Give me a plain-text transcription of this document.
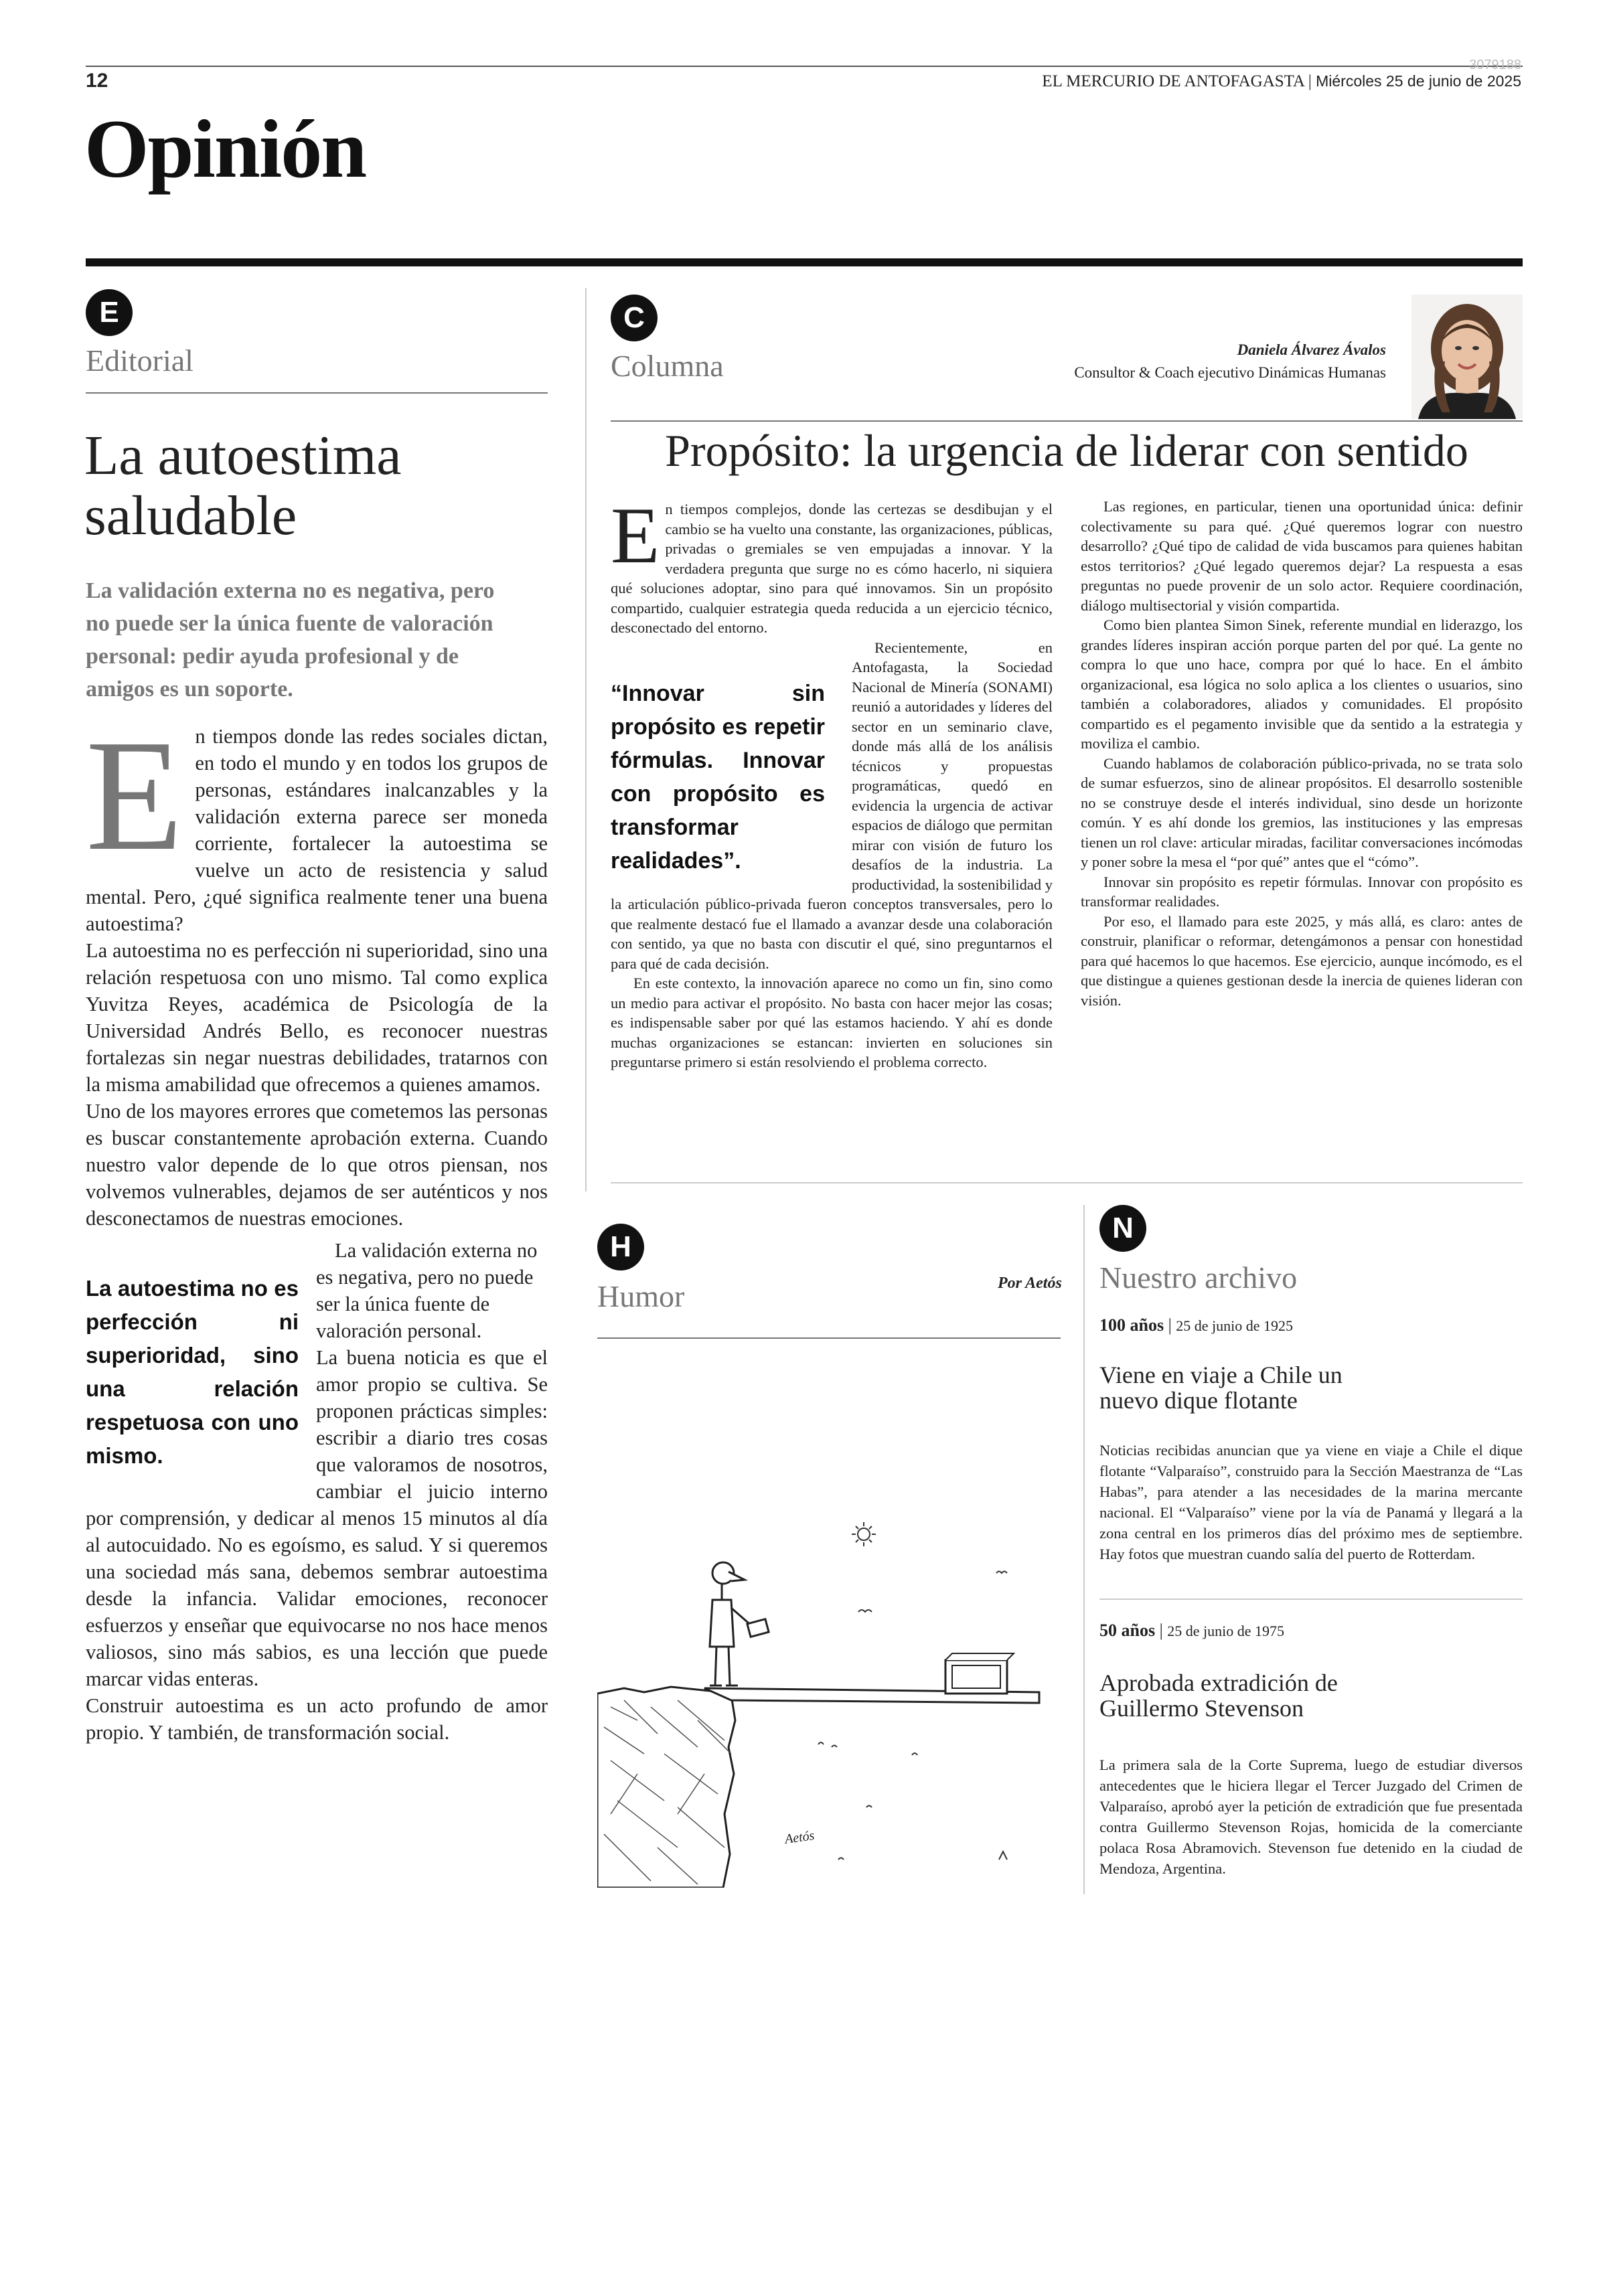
12
3079188
EL MERCURIO DE ANTOFAGASTA | Miércoles 25 de junio de 2025
Opinión
E
Editorial
La autoestima
saludable
La validación externa no es negativa, pero no puede ser la única fuente de valoración personal: pedir ayuda profesional y de amigos es un soporte.
E n tiempos donde las redes sociales dictan, en todo el mundo y en todos los grupos de personas, estándares inalcanzables y la validación externa parece ser moneda corriente, fortalecer la autoestima se vuelve un acto de resistencia y salud mental. Pero, ¿qué significa realmente tener una buena autoestima?

La autoestima no es perfección ni superioridad, sino una relación respetuosa con uno mismo. Tal como explica Yuvitza Reyes, académica de Psicología de la Universidad Andrés Bello, es reconocer nuestras fortalezas sin negar nuestras debilidades, tratarnos con la misma amabilidad que ofrecemos a quienes amamos.

Uno de los mayores errores que cometemos las personas es buscar constantemente aprobación externa. Cuando nuestro valor depende de lo que otros piensan, nos volvemos vulnerables, dejamos de ser auténticos y nos desconectamos de nuestras emociones.

La autoestima no es perfección ni superioridad, sino una relación respetuosa con uno mismo.

La validación externa no es negativa, pero no puede ser la única fuente de valoración personal.

La buena noticia es que el amor propio se cultiva. Se proponen prácticas simples: escribir a diario tres cosas que valoramos de nosotros, cambiar el juicio interno por comprensión, y dedicar al menos 15 minutos al día al autocuidado. No es egoísmo, es salud. Y si queremos una sociedad más sana, debemos sembrar autoestima desde la infancia. Validar emociones, reconocer esfuerzos y enseñar que equivocarse no nos hace menos valiosos, sino más sabios, es una lección que puede marcar vidas enteras.

Construir autoestima es un acto profundo de amor propio. Y también, de transformación social.

C
Columna	Daniela Álvarez Ávalos
Consultor & Coach ejecutivo Dinámicas Humanas
Propósito: la urgencia de liderar con sentido
E n tiempos complejos, donde las certezas se desdibujan y el cambio se ha vuelto una constante, las organizaciones, públicas, privadas o gremiales se ven empujadas a innovar. Y la verdadera pregunta que surge no es cómo hacerlo, ni siquiera qué soluciones adoptar, sino para qué innovamos. Sin un propósito compartido, cualquier estrategia queda reducida a un ejercicio técnico, desconectado del entorno.

“Innovar sin propósito es repetir fórmulas. Innovar con propósito es transformar realidades”.

Recientemente, en Antofagasta, la Sociedad Nacional de Minería (SONAMI) reunió a autoridades y líderes del sector en un seminario clave, donde más allá de los análisis técnicos y propuestas programáticas, quedó en evidencia la urgencia de activar espacios de diálogo que permitan mirar con visión de futuro los desafíos de la industria. La productividad, la sostenibilidad y la articulación público-privada fueron conceptos transversales, pero lo que realmente destacó fue el llamado a avanzar desde una colaboración con sentido, ya que no basta con discutir el qué, sino preguntarnos el para qué de cada decisión.

En este contexto, la innovación aparece no como un fin, sino como un medio para activar el propósito. No basta con hacer mejor las cosas; es indispensable saber por qué las estamos haciendo. Y ahí es donde muchas organizaciones se estancan: invierten en soluciones sin preguntarse primero si están resolviendo el problema correcto.

Las regiones, en particular, tienen una oportunidad única: definir colectivamente su para qué. ¿Qué queremos lograr con nuestro desarrollo? ¿Qué tipo de calidad de vida buscamos para quienes habitan estos territorios? ¿Qué legado queremos dejar? La respuesta a esas preguntas no puede provenir de un solo actor. Requiere coordinación, diálogo multisectorial y visión compartida.

Como bien plantea Simon Sinek, referente mundial en liderazgo, los grandes líderes inspiran acción porque parten del por qué. La gente no compra lo que uno hace, compra por qué lo hace. En el ámbito organizacional, esa lógica no solo aplica a los clientes o usuarios, sino también a colaboradores, aliados y comunidades. El propósito compartido es el pegamento invisible que da sentido a la estrategia y moviliza el cambio.

Cuando hablamos de colaboración público-privada, no se trata solo de sumar esfuerzos, sino de alinear propósitos. El desarrollo sostenible no se construye desde el interés individual, sino desde un horizonte común. Y es ahí donde los gremios, las instituciones y las empresas tienen un rol clave: articular miradas, facilitar conversaciones incómodas y poner sobre la mesa el “por qué” antes que el “cómo”.

Innovar sin propósito es repetir fórmulas. Innovar con propósito es transformar realidades.

Por eso, el llamado para este 2025, y más allá, es claro: antes de construir, planificar o reformar, detengámonos a pensar con honestidad para qué hacemos lo que hacemos. Ese ejercicio, aunque incómodo, es el que distingue a quienes gestionan desde la inercia de quienes lideran con visión.

H
Humor	Por Aetós
Aetós
N
Nuestro archivo
100 años | 25 de junio de 1925
Viene en viaje a Chile un
nuevo dique flotante
Noticias recibidas anuncian que ya viene en viaje a Chile el dique flotante “Valparaíso”, construido para la Sección Maestranza de “Las Habas”, para atender a las necesidades de la marina mercante nacional. El “Valparaíso” viene por la vía de Panamá y llegará a la zona central en los primeros días del próximo mes de septiembre. Hay fotos que muestran cuando salía del puerto de Rotterdam.
50 años | 25 de junio de 1975
Aprobada extradición de
Guillermo Stevenson
La primera sala de la Corte Suprema, luego de estudiar diversos antecedentes que le hiciera llegar el Tercer Juzgado del Crimen de Valparaíso, aprobó ayer la petición de extradición que fue presentada contra Guillermo Stevenson Rojas, homicida de la comerciante polaca Rosa Abramovich. Stevenson fue detenido en la ciudad de Mendoza, Argentina.
